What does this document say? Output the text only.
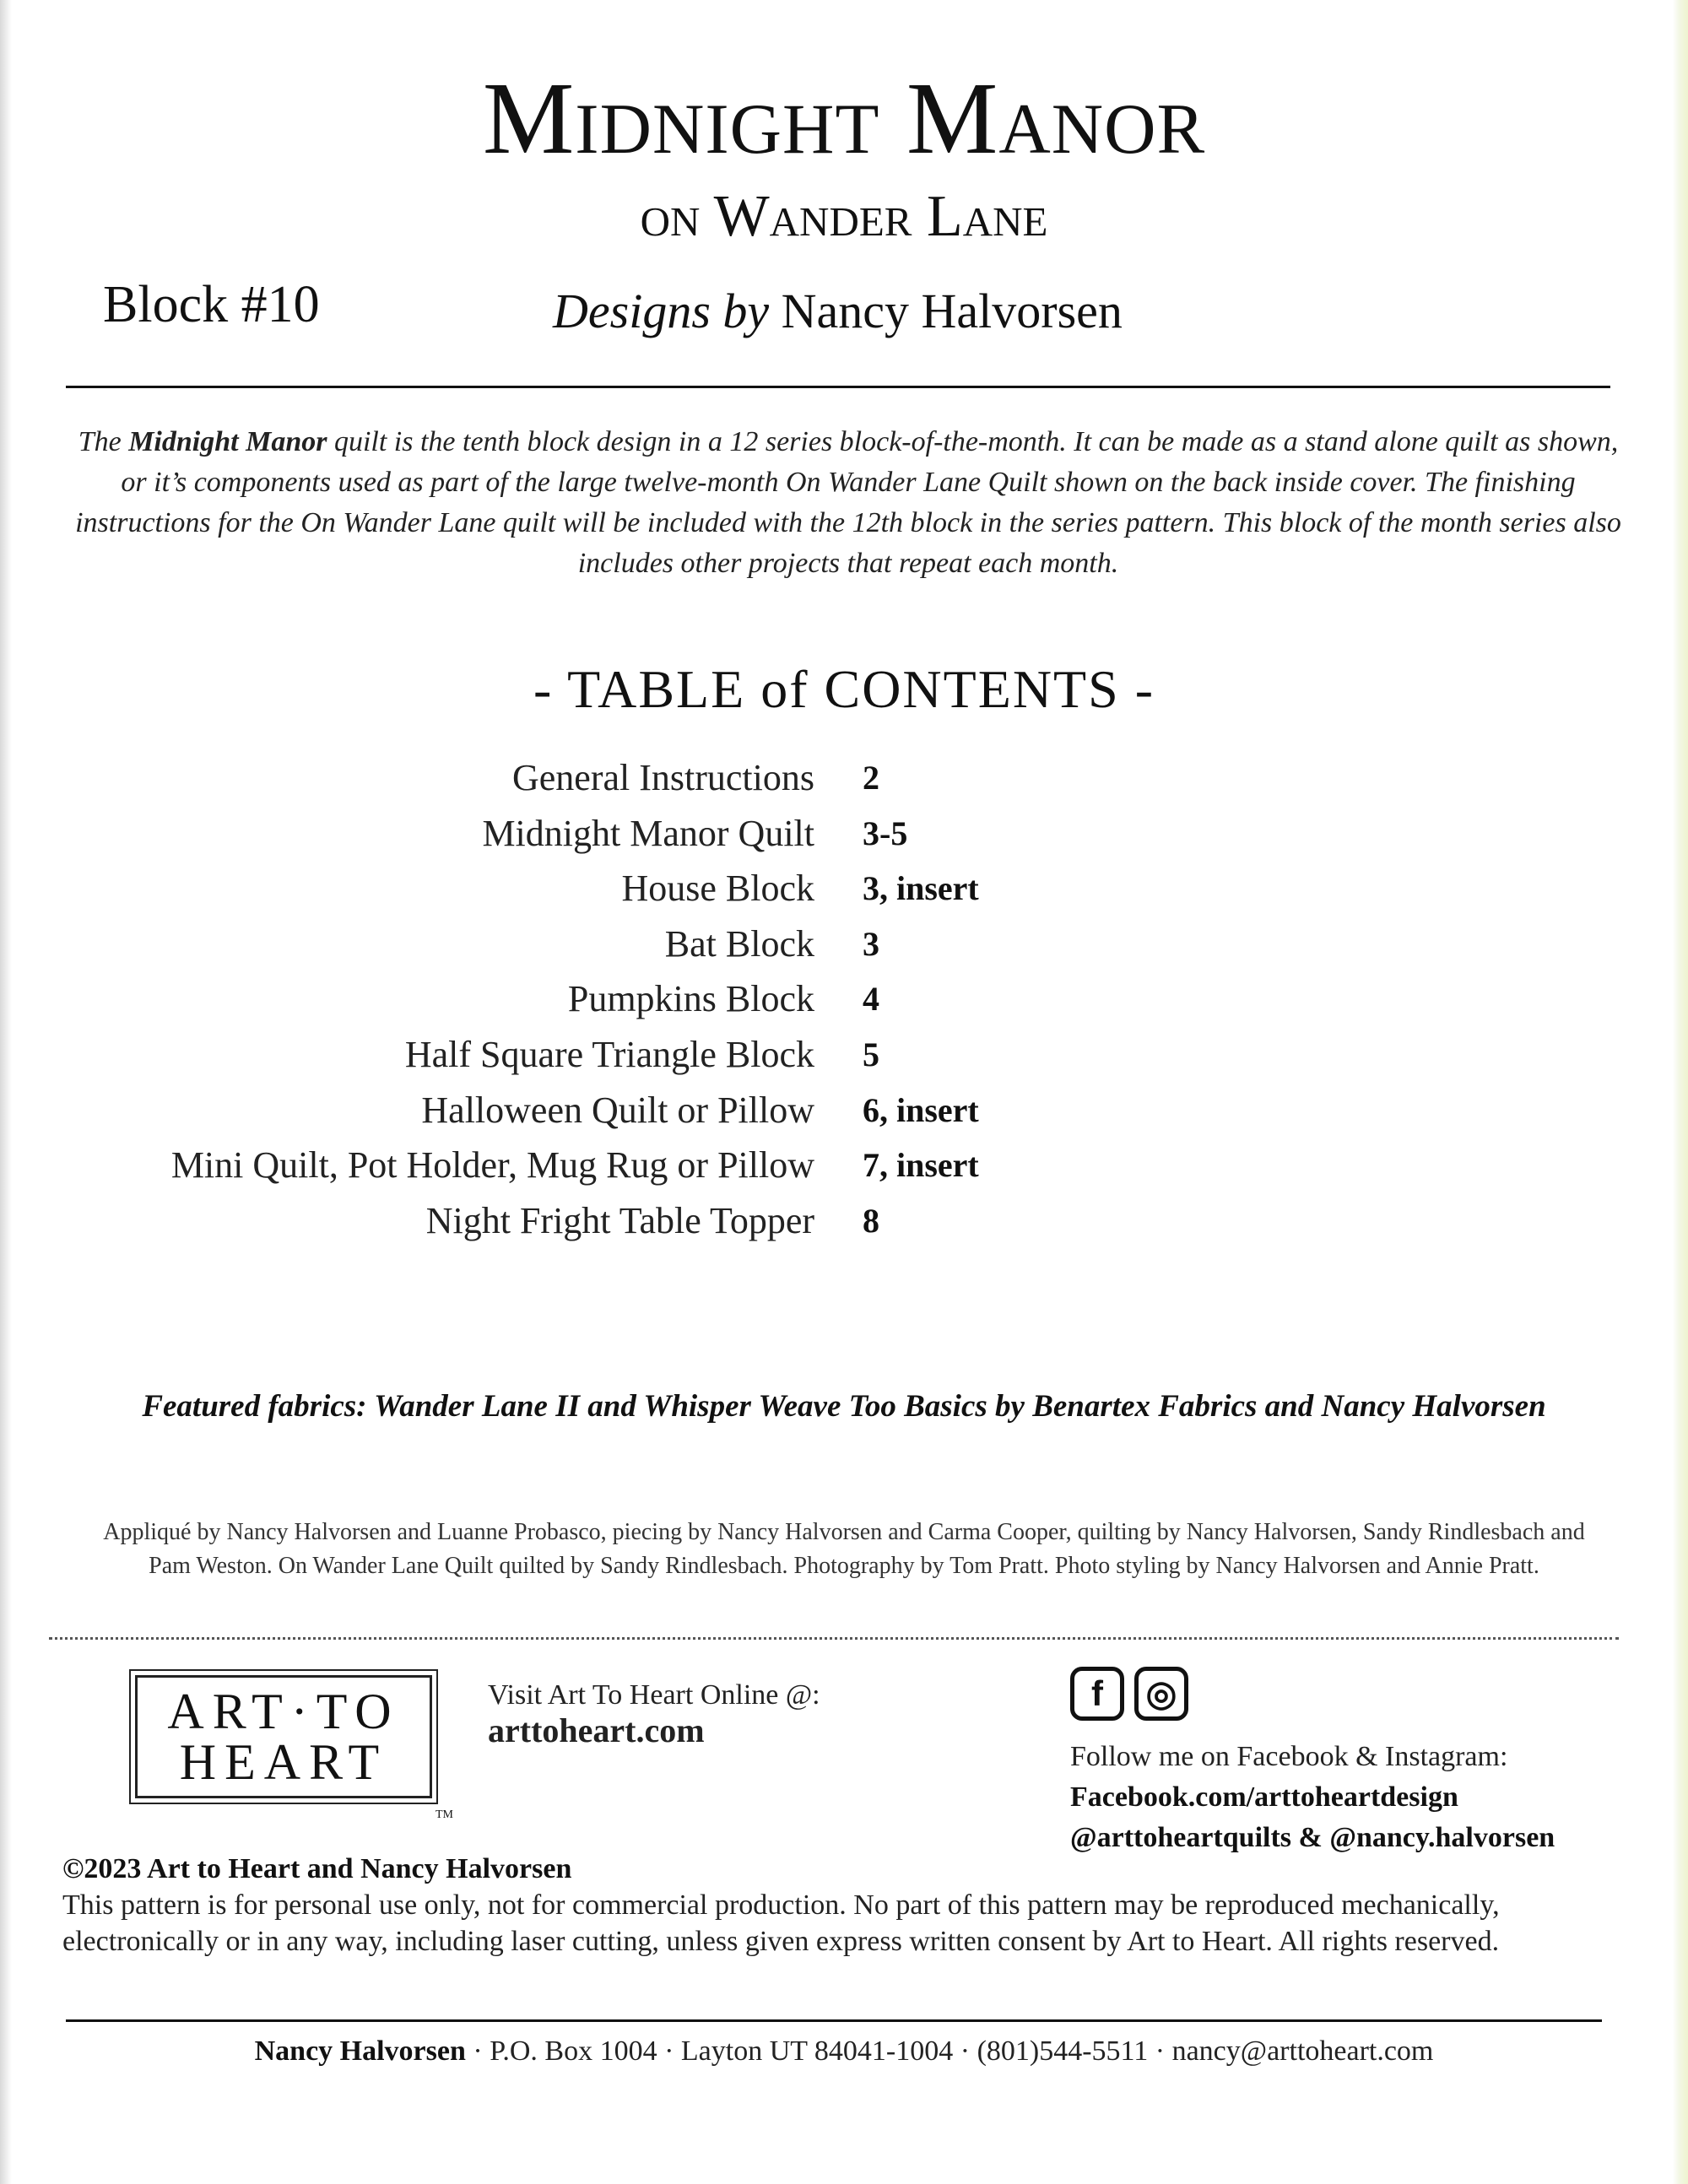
Midnight Manor
on Wander Lane
Block #10	Designs by Nancy Halvorsen
The Midnight Manor quilt is the tenth block design in a 12 series block-of-the-month. It can be made as a stand alone quilt as shown, or it’s components used as part of the large twelve-month On Wander Lane Quilt shown on the back inside cover. The finishing instructions for the On Wander Lane quilt will be included with the 12th block in the series pattern. This block of the month series also includes other projects that repeat each month.
- TABLE of CONTENTS -
General Instructions 2
Midnight Manor Quilt 3-5
House Block 3, insert
Bat Block 3
Pumpkins Block 4
Half Square Triangle Block 5
Halloween Quilt or Pillow 6, insert
Mini Quilt, Pot Holder, Mug Rug or Pillow 7, insert
Night Fright Table Topper 8
Featured fabrics: Wander Lane II and Whisper Weave Too Basics by Benartex Fabrics and Nancy Halvorsen
Appliqué by Nancy Halvorsen and Luanne Probasco, piecing by Nancy Halvorsen and Carma Cooper, quilting by Nancy Halvorsen, Sandy Rindlesbach and Pam Weston. On Wander Lane Quilt quilted by Sandy Rindlesbach. Photography by Tom Pratt. Photo styling by Nancy Halvorsen and Annie Pratt.
ART·TO
HEART
TM
Visit Art To Heart Online @:
arttoheart.com
f	◎
Follow me on Facebook & Instagram:
Facebook.com/arttoheartdesign
@arttoheartquilts & @nancy.halvorsen
©2023 Art to Heart and Nancy Halvorsen
This pattern is for personal use only, not for commercial production. No part of this pattern may be reproduced mechanically, electronically or in any way, including laser cutting, unless given express written consent by Art to Heart. All rights reserved.
Nancy Halvorsen · P.O. Box 1004 · Layton UT 84041-1004 · (801)544-5511 · nancy@arttoheart.com
